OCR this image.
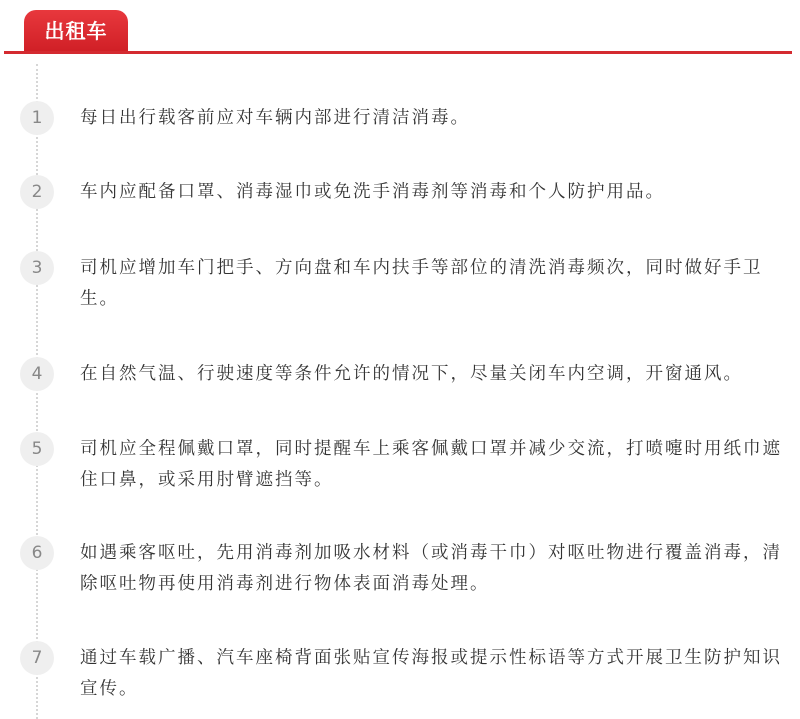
出租车
1	每日出行载客前应对车辆内部进行清洁消毒。
2	车内应配备口罩、消毒湿巾或免洗手消毒剂等消毒和个人防护用品。
3	司机应增加车门把手、方向盘和车内扶手等部位的清洗消毒频次，同时做好手卫生。
4	在自然气温、行驶速度等条件允许的情况下，尽量关闭车内空调，开窗通风。
5	司机应全程佩戴口罩，同时提醒车上乘客佩戴口罩并减少交流，打喷嚏时用纸巾遮住口鼻，或采用肘臂遮挡等。
6	如遇乘客呕吐，先用消毒剂加吸水材料（或消毒干巾）对呕吐物进行覆盖消毒，清除呕吐物再使用消毒剂进行物体表面消毒处理。
7	通过车载广播、汽车座椅背面张贴宣传海报或提示性标语等方式开展卫生防护知识宣传。
